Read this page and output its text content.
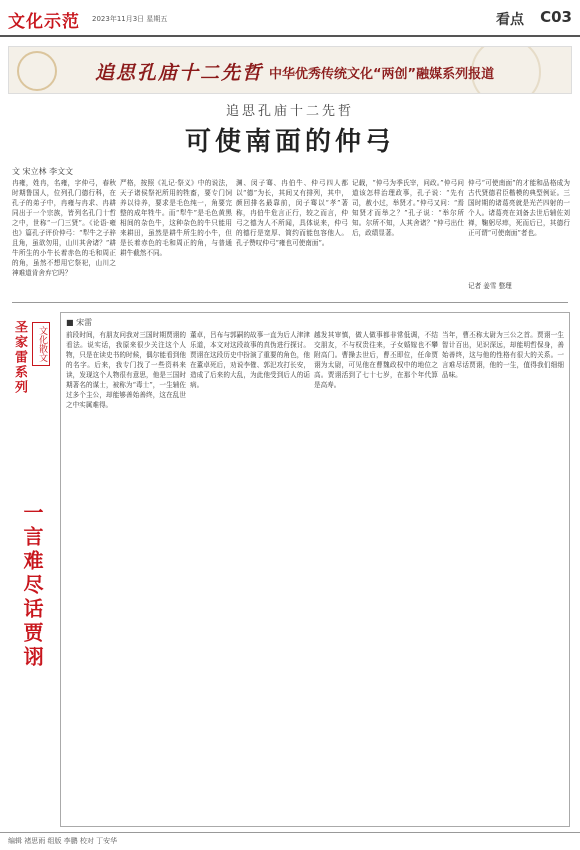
文化示范 2023年11月3日 星期五	看点 C03
追思孔庙十二先哲 中华优秀传统文化“两创”融媒系列报道
追思孔庙十二先哲
可使南面的仲弓
文 宋立林 李文文
冉雍，姓冉，名雍，字仲弓，春秋时期鲁国人，位列孔门德行科，在孔子的弟子中，冉雍与冉求、冉耕同出于一个宗族，皆列名孔门十哲之中，世称“一门三贤”。《论语·雍也》篇孔子评价仲弓：“犁牛之子骍且角，虽欲勿用，山川其舍诸？”耕牛所生的小牛长着赤色的毛和周正的角，虽然不想用它祭祀，山川之神难道肯舍弃它吗？
严格，按照《礼记·祭义》中的说法，天子诸侯祭祀所用的牲畜，要专门饲养以待养，要求是毛色纯一，角要完整的成年牲牛。而“犁牛”是毛色黄黑相间的杂色牛，这种杂色的牛只能用来耕田，虽然是耕牛所生的小牛，但是长着赤色的毛和周正的角，与普通耕牛截然不同。
渊、闵子骞、冉伯牛、仲弓四人都以“德”为长，其间又有排列，其中，颜回排名最靠前，闵子骞以“孝”著称，冉伯牛危言正行，较之而言，仲弓之德为人不所闻，具体说来，仲弓的德行是宽厚、简约而能包容他人。孔子赞叹仲弓“雍也可使南面”。
记载，“仲弓为季氏宰，问政。”仲弓问道该怎样治理政事，孔子说：“先有司，赦小过，举贤才。”仲弓又问：“焉知贤才而举之？”孔子说：“举尔所知。尔所不知，人其舍诸？”仲弓出仕后，政绩显著。
仲弓“可使南面”的才能和品格成为古代贤德君臣楷模的典型例证。三国时期的诸葛亮就是光芒四射的一个人。诸葛亮在刘备去世后辅佐刘禅，鞠躬尽瘁，死而后已，其德行正可谓“可使南面”者也。
记者 姜雪 整理
圣家雷系列	文化散文
一言难尽话贾诩
■ 宋雷
前段时间，有朋友问我对三国时期贾诩的看法。说实话，我原来很少关注这个人物，只是在读史书的时候，偶尔能看到他的名字。后来，我专门找了一些资料来读，发现这个人物很有意思，他是三国时期著名的谋士，被称为“毒士”，一生辅佐过多个主公，却能够善始善终，这在乱世之中实属难得。
董卓，吕布与郭嗣的故事一直为后人津津乐道，本文对这段故事的真伪进行探讨。贾诩在这段历史中扮演了重要的角色，他在董卓死后，劝说李傕、郭汜攻打长安，造成了后来的大乱，为此他受到后人的诟病。
越发其审慎，做人做事都非常低调，不结交朋友，不与权贵往来，子女婚嫁也不攀附高门。曹操去世后，曹丕即位，任命贾诩为太尉，可见他在曹魏政权中的地位之高。贾诩活到了七十七岁，在那个年代算是高寿。
当年，曹丕称太尉为三公之首。贾诩一生智计百出，见识深远，却能明哲保身，善始善终，这与他的性格有很大的关系。一言难尽话贾诩，他的一生，值得我们细细品味。
编辑 褚思雨 组版 李鹏 校对 丁安华
